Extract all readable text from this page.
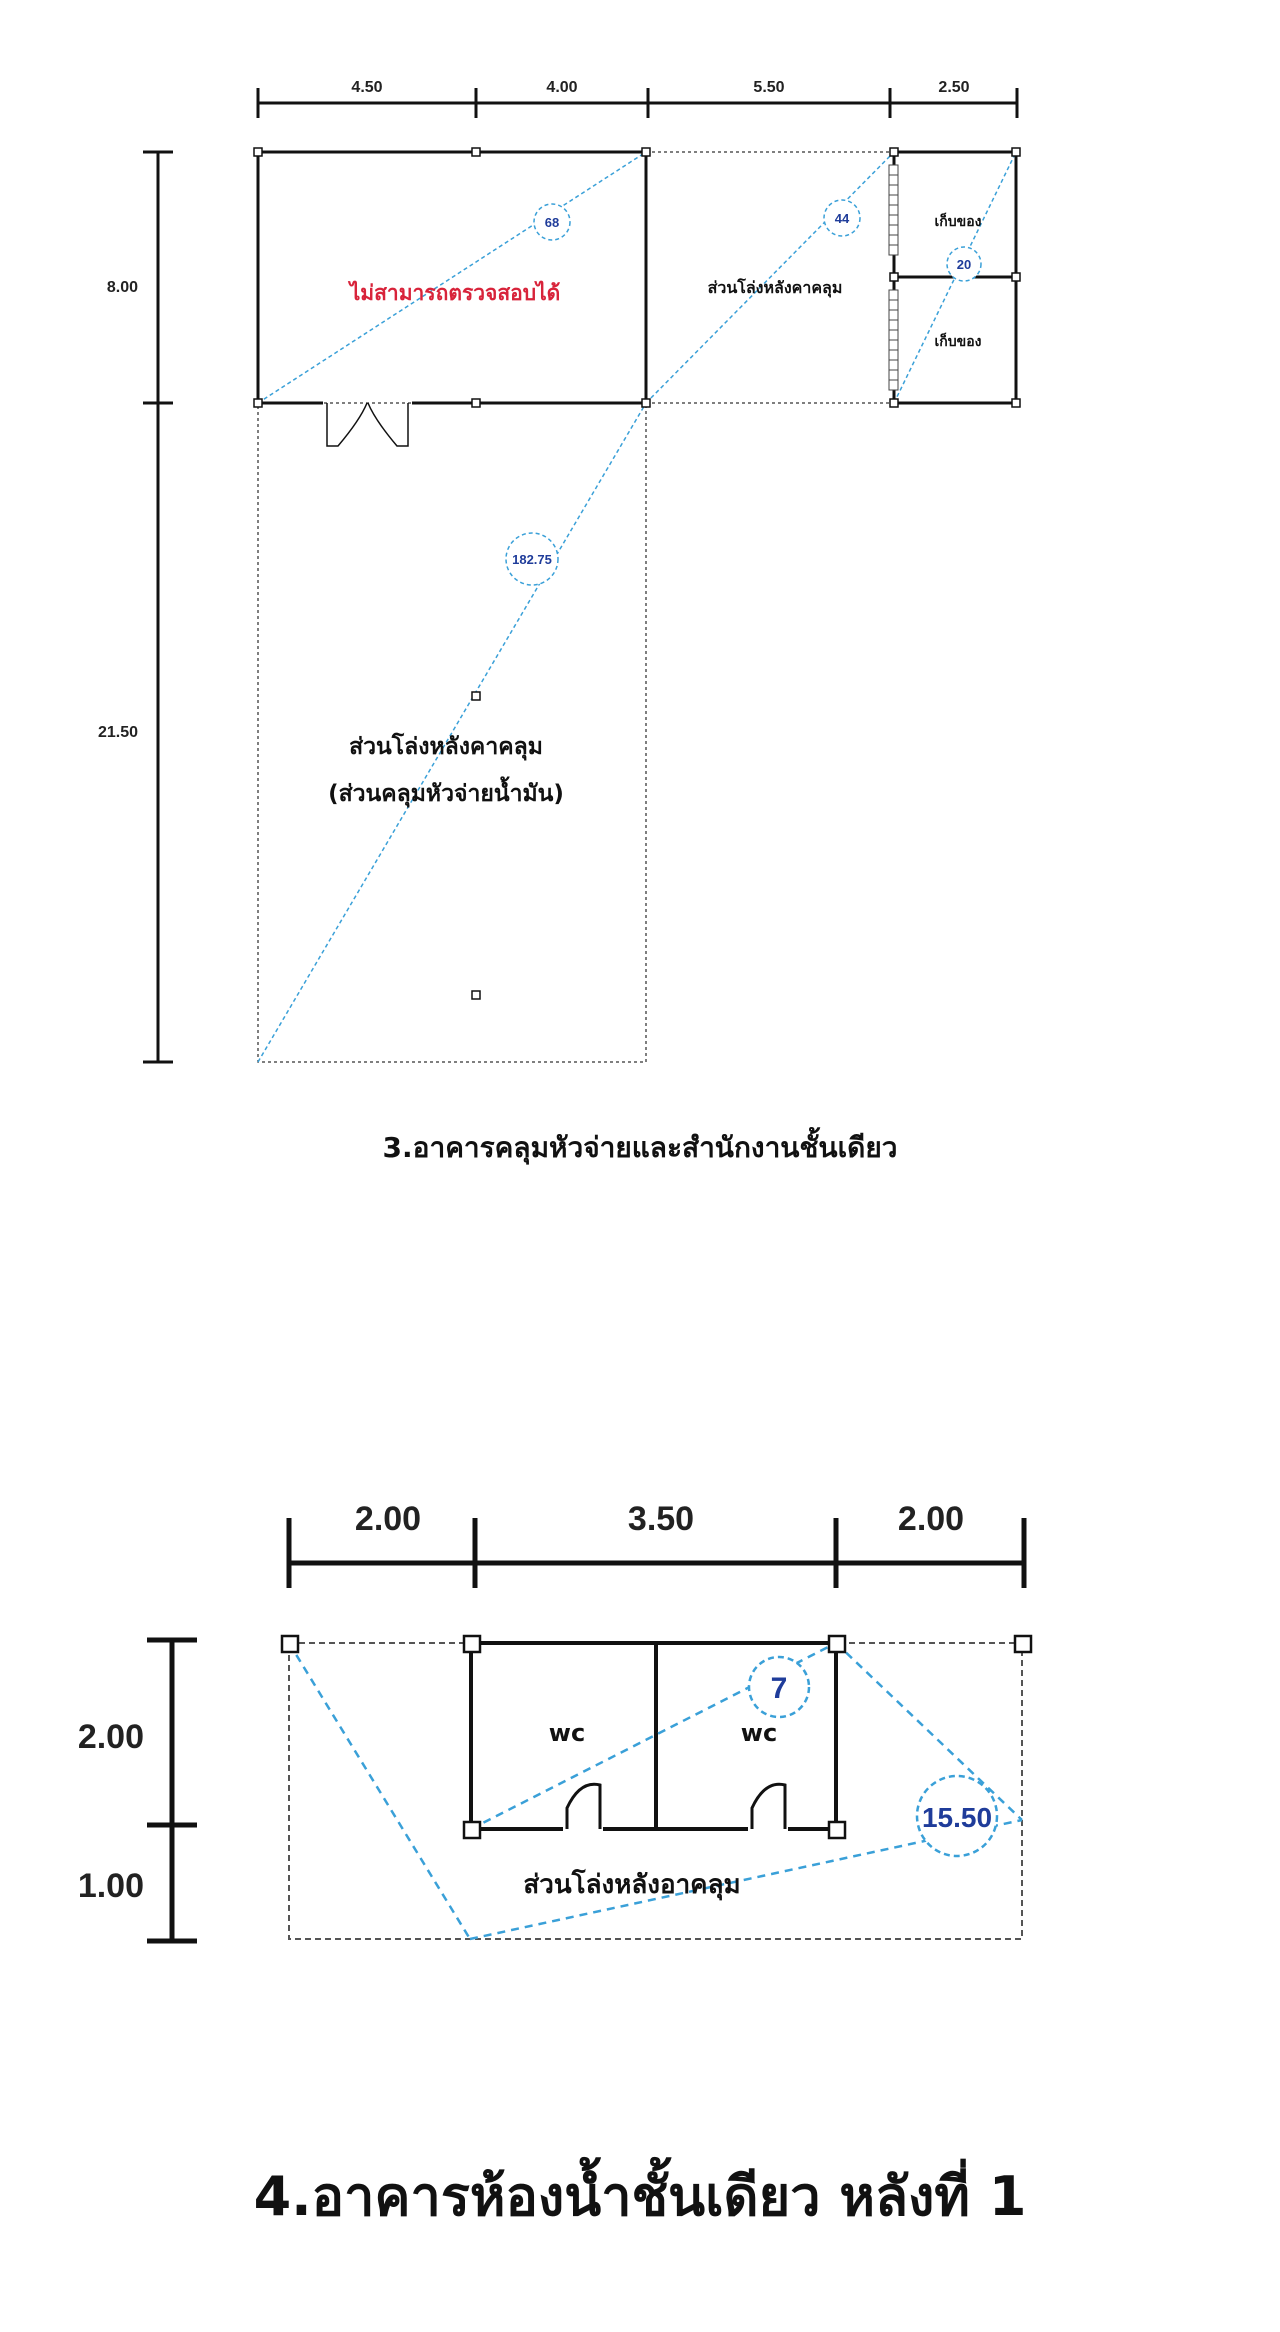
4.50	4.00	5.50	2.50
8.00
21.50
68	44
20
182.75
ไม่สามารถตรวจสอบได้	ส่วนโล่งหลังคาคลุม
เก็บของ
เก็บของ
ส่วนโล่งหลังคาคลุม
(ส่วนคลุมหัวจ่ายน้ำมัน)
3.อาคารคลุมหัวจ่ายและสำนักงานชั้นเดียว
2.00	3.50	2.00
2.00
1.00
7
15.50
wc	wc
ส่วนโล่งหลังอาคลุม
4.อาคารห้องน้ำชั้นเดียว หลังที่ 1
